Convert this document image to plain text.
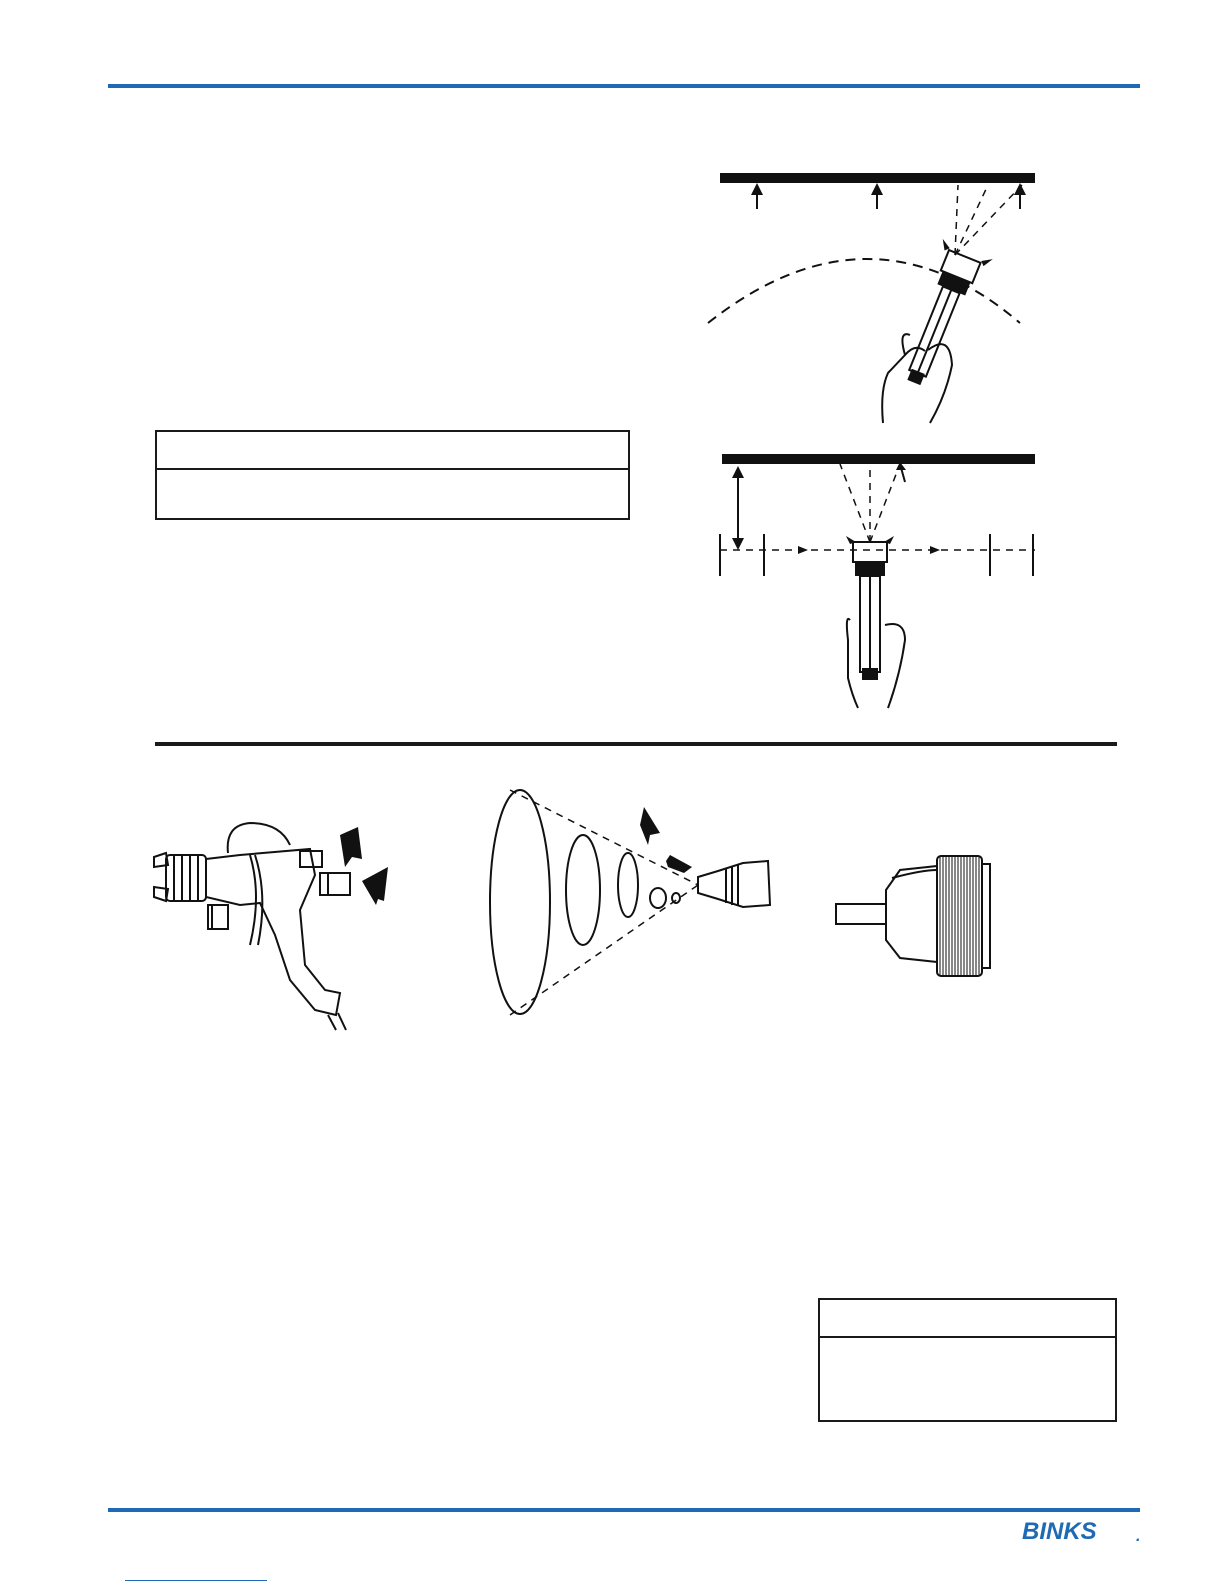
BINKS .
